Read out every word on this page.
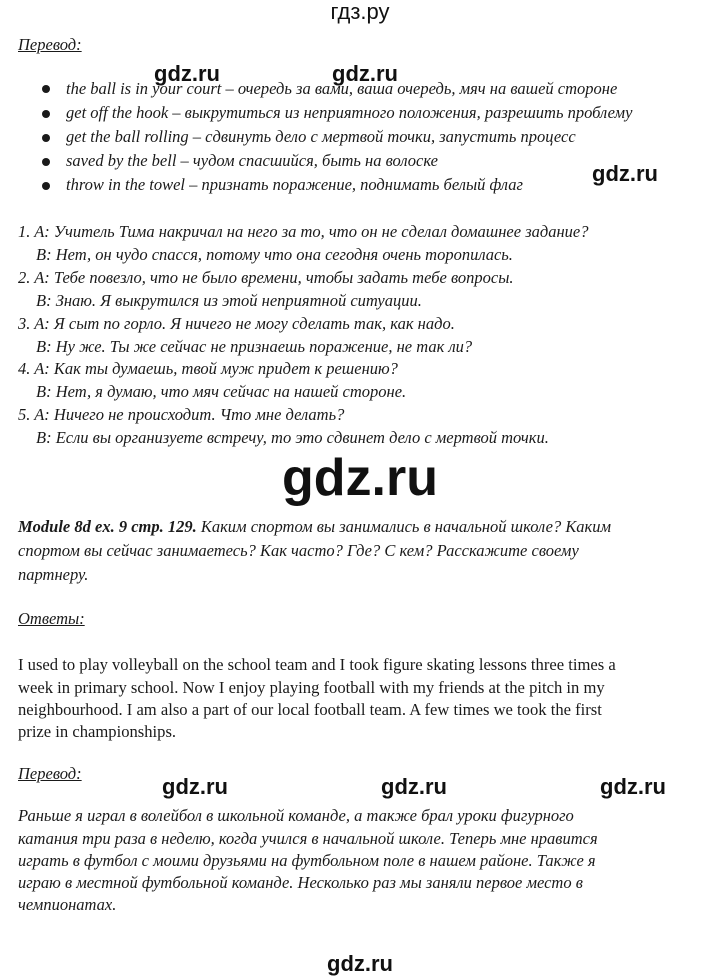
гдз.ру
Перевод:
the ball is in your court – очередь за вами, ваша очередь, мяч на вашей стороне
get off the hook – выкрутиться из неприятного положения, разрешить проблему
get the ball rolling – сдвинуть дело с мертвой точки, запустить процесс
saved by the bell – чудом спасшийся, быть на волоске
throw in the towel – признать поражение, поднимать белый флаг
gdz.ru	gdz.ru
gdz.ru
1. A: Учитель Тима накричал на него за то, что он не сделал домашнее задание?
B: Нет, он чудо спасся, потому что она сегодня очень торопилась.
2. A: Тебе повезло, что не было времени, чтобы задать тебе вопросы.
B: Знаю. Я выкрутился из этой неприятной ситуации.
3. A: Я сыт по горло. Я ничего не могу сделать так, как надо.
B: Ну же. Ты же сейчас не признаешь поражение, не так ли?
4. A: Как ты думаешь, твой муж придет к решению?
B: Нет, я думаю, что мяч сейчас на нашей стороне.
5. A: Ничего не происходит. Что мне делать?
B: Если вы организуете встречу, то это сдвинет дело с мертвой точки.
gdz.ru
Module 8d ex. 9 стр. 129. Каким спортом вы занимались в начальной школе? Каким
спортом вы сейчас занимаетесь? Как часто? Где? С кем? Расскажите своему
партнеру.
Ответы:
I used to play volleyball on the school team and I took figure skating lessons three times a
week in primary school. Now I enjoy playing football with my friends at the pitch in my
neighbourhood. I am also a part of our local football team. A few times we took the first
prize in championships.
Перевод:
gdz.ru	gdz.ru	gdz.ru
Раньше я играл в волейбол в школьной команде, а также брал уроки фигурного
катания три раза в неделю, когда учился в начальной школе. Теперь мне нравится
играть в футбол с моими друзьями на футбольном поле в нашем районе. Также я
играю в местной футбольной команде. Несколько раз мы заняли первое место в
чемпионатах.
gdz.ru
